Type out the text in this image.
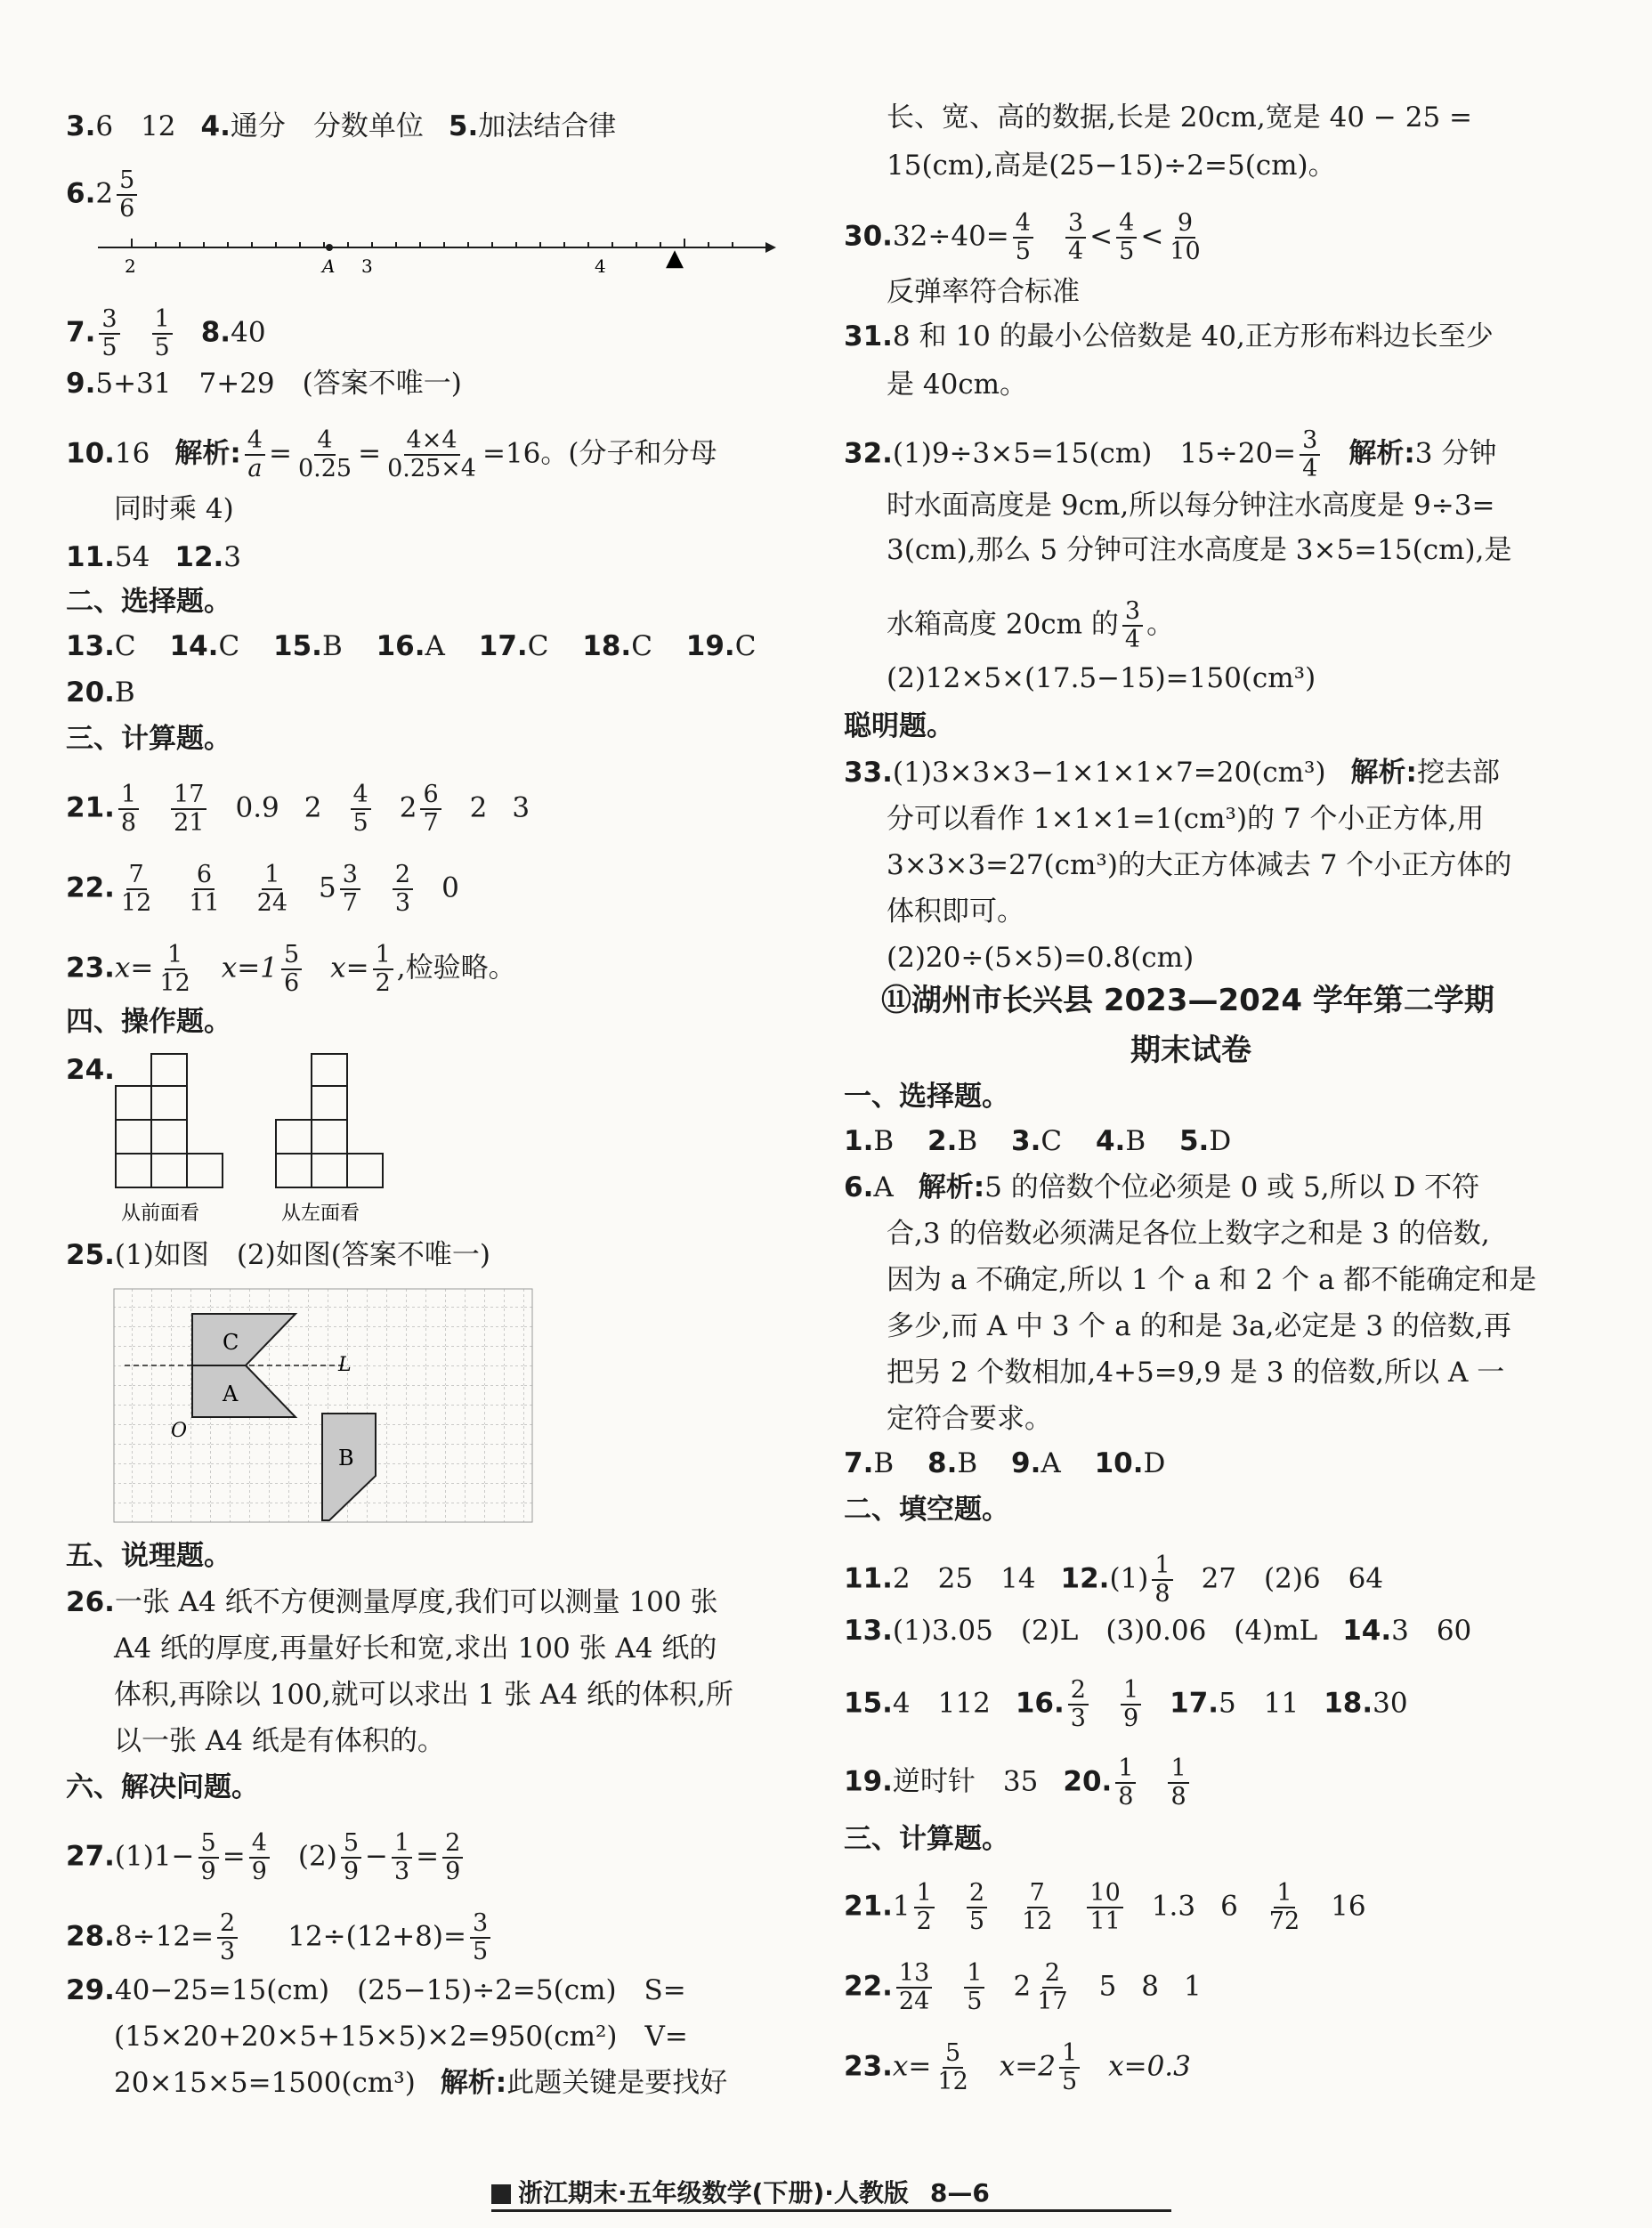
3.6　12 4.通分　分数单位 5.加法结合律
$6.2 \frac{5}{6}$
2	A 3	4	▲
7. $\frac{3}{5} \frac{1}{5} 8.40$
9.5+31　7+29　(答案不唯一)
10.16 解析: $\frac{4}{a} = \frac{4}{0.25} = \frac{4\times 4}{0.25\times 4} =16$。(分子和分母
同时乘 4)
11.54 12.3
二、选择题。
13.C 14.C 15.B 16.A 17.C 18.C 19.C
20.B
三、计算题。
21. $\frac{1}{8} \frac{17}{21} 0.9$ $2 \frac{4}{5} 2 \frac{6}{7} 2$ 3
22. $\frac{7}{12} \frac{6}{11} \frac{1}{24} 5 \frac{3}{7} \frac{2}{3} 0$
$23.x= \frac{1}{12} x=1 \frac{5}{6} x= \frac{1}{2}$ ,检验略。
四、操作题。
24.
从前面看	从左面看
25.(1)如图　(2)如图(答案不唯一)
C
A
B
L
O
五、说理题。
26.一张 A4 纸不方便测量厚度,我们可以测量 100 张
A4 纸的厚度,再量好长和宽,求出 100 张 A4 纸的
体积,再除以 100,就可以求出 1 张 A4 纸的体积,所
以一张 A4 纸是有体积的。
六、解决问题。
$27.(1)1- \frac{5}{9} = \frac{4}{9} (2) \frac{5}{9} - \frac{1}{3} = \frac{2}{9}$
$28.8\div 12= \frac{2}{3} 12\div(12+8)= \frac{3}{5}$
29.40−25=15(cm)　(25−15)÷2=5(cm)　S=
(15×20+20×5+15×5)×2=950(cm²)　V=
20×15×5=1500(cm³) 解析:此题关键是要找好
长、宽、高的数据,长是 20cm,宽是 40 − 25 =
15(cm),高是(25−15)÷2=5(cm)。
$30.32\div 40= \frac{4}{5} \frac{3}{4} < \frac{4}{5} < \frac{9}{10}$
反弹率符合标准
31.8 和 10 的最小公倍数是 40,正方形布料边长至少
是 40cm。
32.(1)9÷3×5=15(cm)　$15\div 20= \frac{3}{4}$ 解析:3 分钟
时水面高度是 9cm,所以每分钟注水高度是 9÷3=
3(cm),那么 5 分钟可注水高度是 3×5=15(cm),是
水箱高度 20cm 的 $\frac{3}{4}$ 。
(2)12×5×(17.5−15)=150(cm³)
聪明题。
33.(1)3×3×3−1×1×1×7=20(cm³) 解析:挖去部
分可以看作 1×1×1=1(cm³)的 7 个小正方体,用
3×3×3=27(cm³)的大正方体减去 7 个小正方体的
体积即可。
(2)20÷(5×5)=0.8(cm)
⑪湖州市长兴县 2023—2024 学年第二学期
期末试卷
一、选择题。
1.B 2.B 3.C 4.B 5.D
6.A 解析:5 的倍数个位必须是 0 或 5,所以 D 不符
合,3 的倍数必须满足各位上数字之和是 3 的倍数,
因为 a 不确定,所以 1 个 a 和 2 个 a 都不能确定和是
多少,而 A 中 3 个 a 的和是 3a,必定是 3 的倍数,再
把另 2 个数相加,4+5=9,9 是 3 的倍数,所以 A 一
定符合要求。
7.B 8.B 9.A 10.D
二、填空题。
11.2　25　14 $12.(1) \frac{1}{8} 27$　(2)6　64
13.(1)3.05　(2)L　(3)0.06　(4)mL 14.3　60
15.4　112 16. $\frac{2}{3} \frac{1}{9} 17.5$　11 18.30
19.逆时针　35 20. $\frac{1}{8} \frac{1}{8}$
三、计算题。
$21.1 \frac{1}{2} \frac{2}{5} \frac{7}{12} \frac{10}{11} 1.3$ $6 \frac{1}{72} 16$
22. $\frac{13}{24} \frac{1}{5} 2 \frac{2}{17} 5$ 8 1
$23.x= \frac{5}{12} x=2 \frac{1}{5} x=0.3$
浙江期末·五年级数学(下册)·人教版 8—6
